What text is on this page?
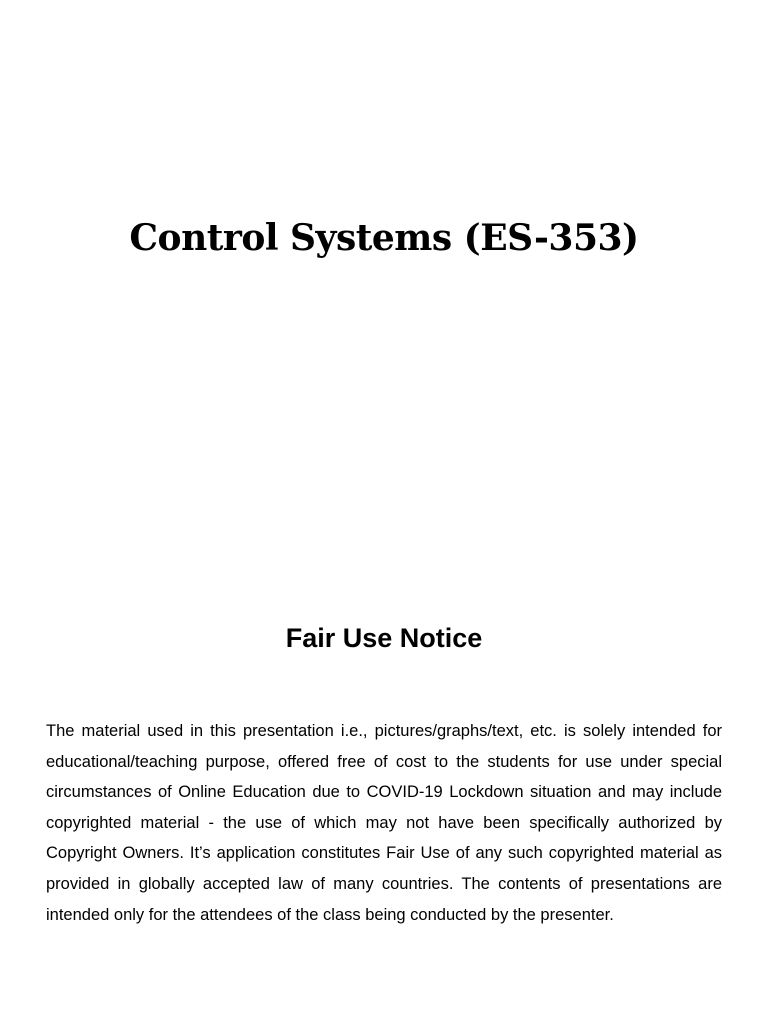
Control Systems (ES-353)
Fair Use Notice

The material used in this presentation i.e., pictures/graphs/text, etc. is solely intended for educational/teaching purpose, offered free of cost to the students for use under special circumstances of Online Education due to COVID-19 Lockdown situation and may include copyrighted material - the use of which may not have been specifically authorized by Copyright Owners. It’s application constitutes Fair Use of any such copyrighted material as provided in globally accepted law of many countries. The contents of presentations are intended only for the attendees of the class being conducted by the presenter.
